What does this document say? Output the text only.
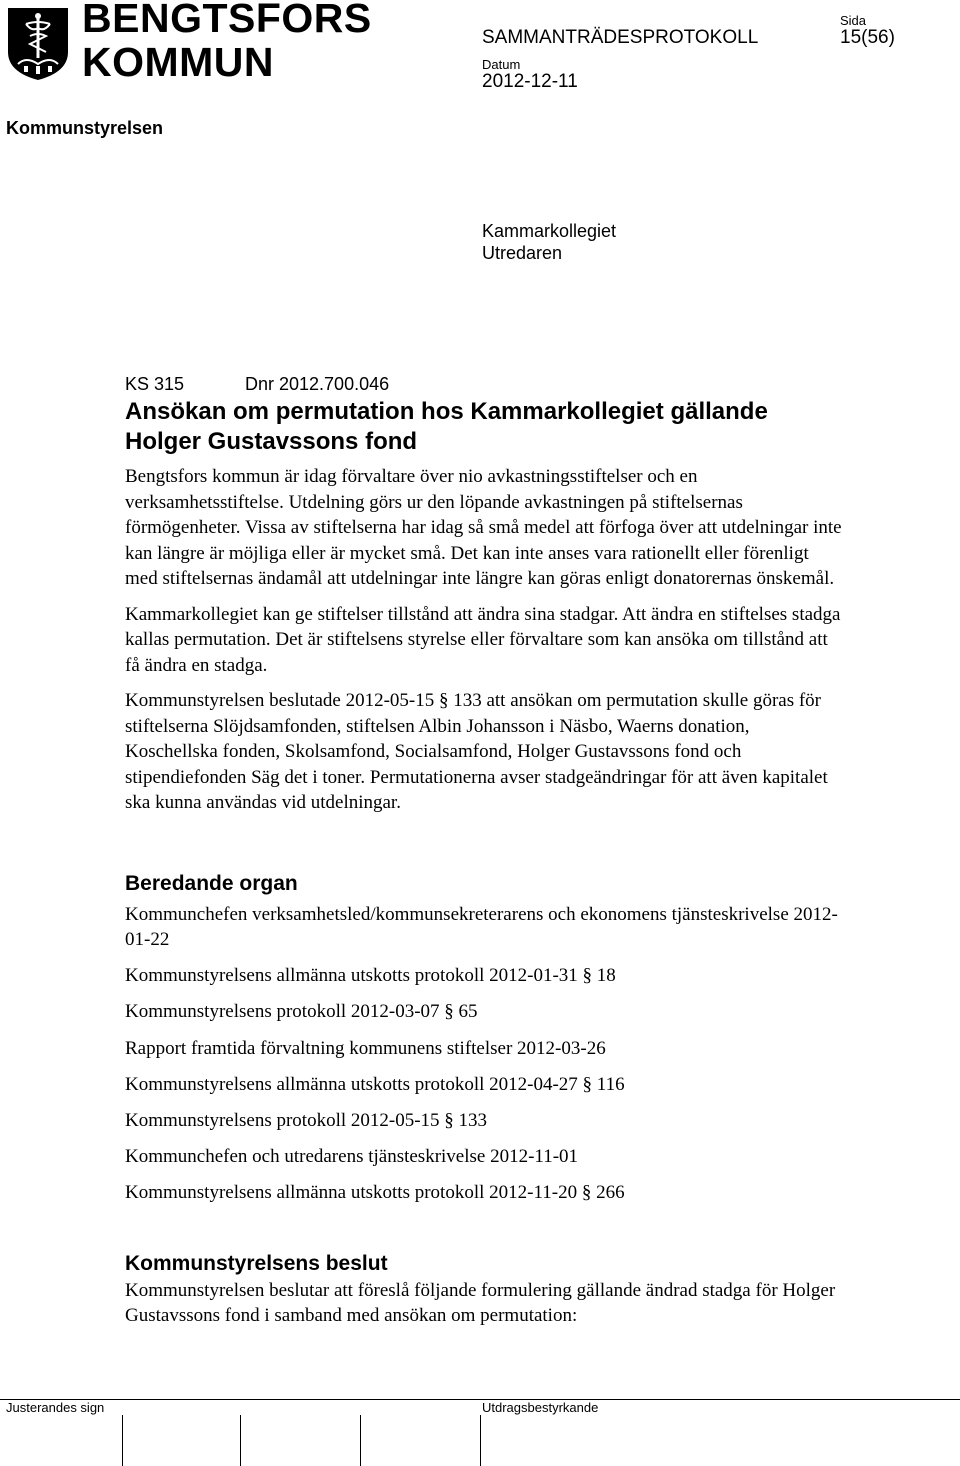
BENGTSFORS
KOMMUN
SAMMANTRÄDESPROTOKOLL
Sida
15(56)
Datum
2012-12-11
Kommunstyrelsen
Kammarkollegiet
Utredaren
KS 315	Dnr 2012.700.046
Ansökan om permutation hos Kammarkollegiet gällande
Holger Gustavssons fond

Bengtsfors kommun är idag förvaltare över nio avkastningsstiftelser och en verksamhetsstiftelse. Utdelning görs ur den löpande avkastningen på stiftelsernas förmögenheter. Vissa av stiftelserna har idag så små medel att förfoga över att utdelningar inte kan längre är möjliga eller är mycket små. Det kan inte anses vara rationellt eller förenligt med stiftelsernas ändamål att utdelningar inte längre kan göras enligt donatorernas önskemål.

Kammarkollegiet kan ge stiftelser tillstånd att ändra sina stadgar. Att ändra en stiftelses stadga kallas permutation. Det är stiftelsens styrelse eller förvaltare som kan ansöka om tillstånd att få ändra en stadga.

Kommunstyrelsen beslutade 2012-05-15 § 133 att ansökan om permutation skulle göras för stiftelserna Slöjdsamfonden, stiftelsen Albin Johansson i Näsbo, Waerns donation, Koschellska fonden, Skolsamfond, Socialsamfond, Holger Gustavssons fond och stipendiefonden Säg det i toner. Permutationerna avser stadgeändringar för att även kapitalet ska kunna användas vid utdelningar.

Beredande organ
Kommunchefen verksamhetsled/kommunsekreterarens och ekonomens tjänsteskrivelse 2012-01-22
Kommunstyrelsens allmänna utskotts protokoll 2012-01-31 § 18
Kommunstyrelsens protokoll 2012-03-07 § 65
Rapport framtida förvaltning kommunens stiftelser 2012-03-26
Kommunstyrelsens allmänna utskotts protokoll 2012-04-27 § 116
Kommunstyrelsens protokoll 2012-05-15 § 133
Kommunchefen och utredarens tjänsteskrivelse 2012-11-01
Kommunstyrelsens allmänna utskotts protokoll 2012-11-20 § 266
Kommunstyrelsens beslut

Kommunstyrelsen beslutar att föreslå följande formulering gällande ändrad stadga för Holger Gustavssons fond i samband med ansökan om permutation:

Justerandes sign	Utdragsbestyrkande
